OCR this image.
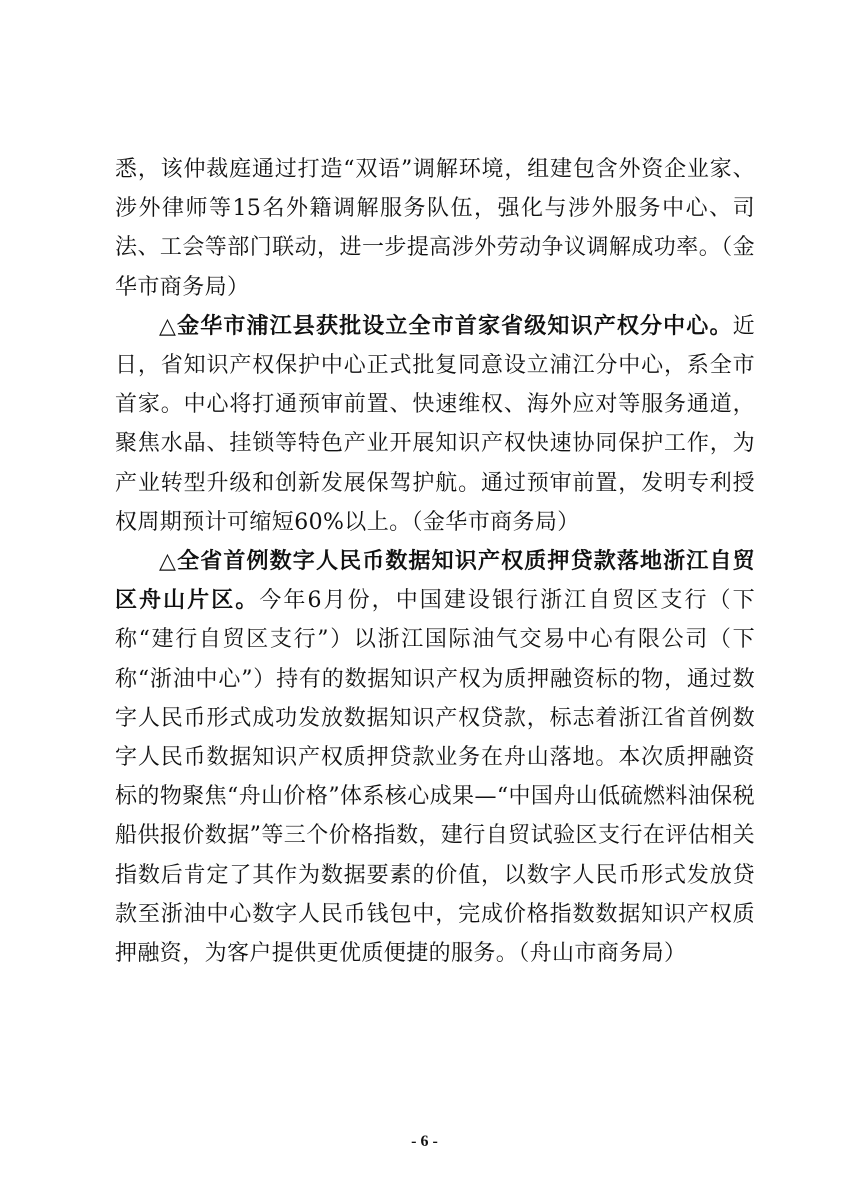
悉，该仲裁庭通过打造“双语”调解环境，组建包含外资企业家、涉外律师等15名外籍调解服务队伍，强化与涉外服务中心、司法、工会等部门联动，进一步提高涉外劳动争议调解成功率。（金华市商务局）

△金华市浦江县获批设立全市首家省级知识产权分中心。近日，省知识产权保护中心正式批复同意设立浦江分中心，系全市首家。中心将打通预审前置、快速维权、海外应对等服务通道，聚焦水晶、挂锁等特色产业开展知识产权快速协同保护工作，为产业转型升级和创新发展保驾护航。通过预审前置，发明专利授权周期预计可缩短60%以上。（金华市商务局）

△全省首例数字人民币数据知识产权质押贷款落地浙江自贸区舟山片区。今年6月份，中国建设银行浙江自贸区支行（下称“建行自贸区支行”）以浙江国际油气交易中心有限公司（下称“浙油中心”）持有的数据知识产权为质押融资标的物，通过数字人民币形式成功发放数据知识产权贷款，标志着浙江省首例数字人民币数据知识产权质押贷款业务在舟山落地。本次质押融资标的物聚焦“舟山价格”体系核心成果—“中国舟山低硫燃料油保税船供报价数据”等三个价格指数，建行自贸试验区支行在评估相关指数后肯定了其作为数据要素的价值，以数字人民币形式发放贷款至浙油中心数字人民币钱包中，完成价格指数数据知识产权质押融资，为客户提供更优质便捷的服务。（舟山市商务局）

- 6 -
